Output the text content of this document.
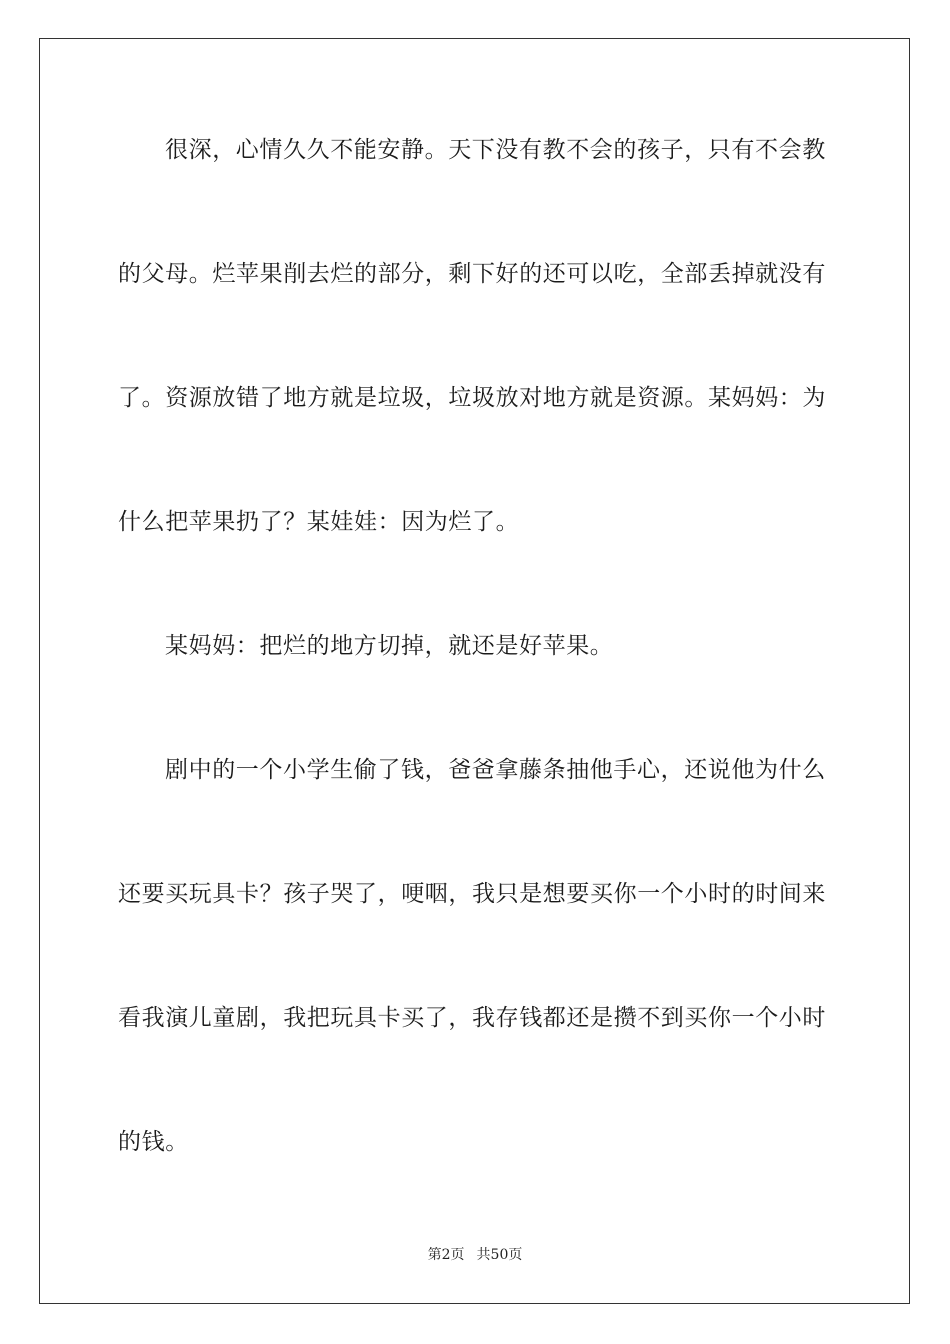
很深，心情久久不能安静。天下没有教不会的孩子，只有不会教
的父母。烂苹果削去烂的部分，剩下好的还可以吃，全部丢掉就没有
了。资源放错了地方就是垃圾，垃圾放对地方就是资源。某妈妈：为
什么把苹果扔了？某娃娃：因为烂了。
某妈妈：把烂的地方切掉，就还是好苹果。
剧中的一个小学生偷了钱，爸爸拿藤条抽他手心，还说他为什么
还要买玩具卡？孩子哭了，哽咽，我只是想要买你一个小时的时间来
看我演儿童剧，我把玩具卡买了，我存钱都还是攒不到买你一个小时
的钱。
第2页 共50页
